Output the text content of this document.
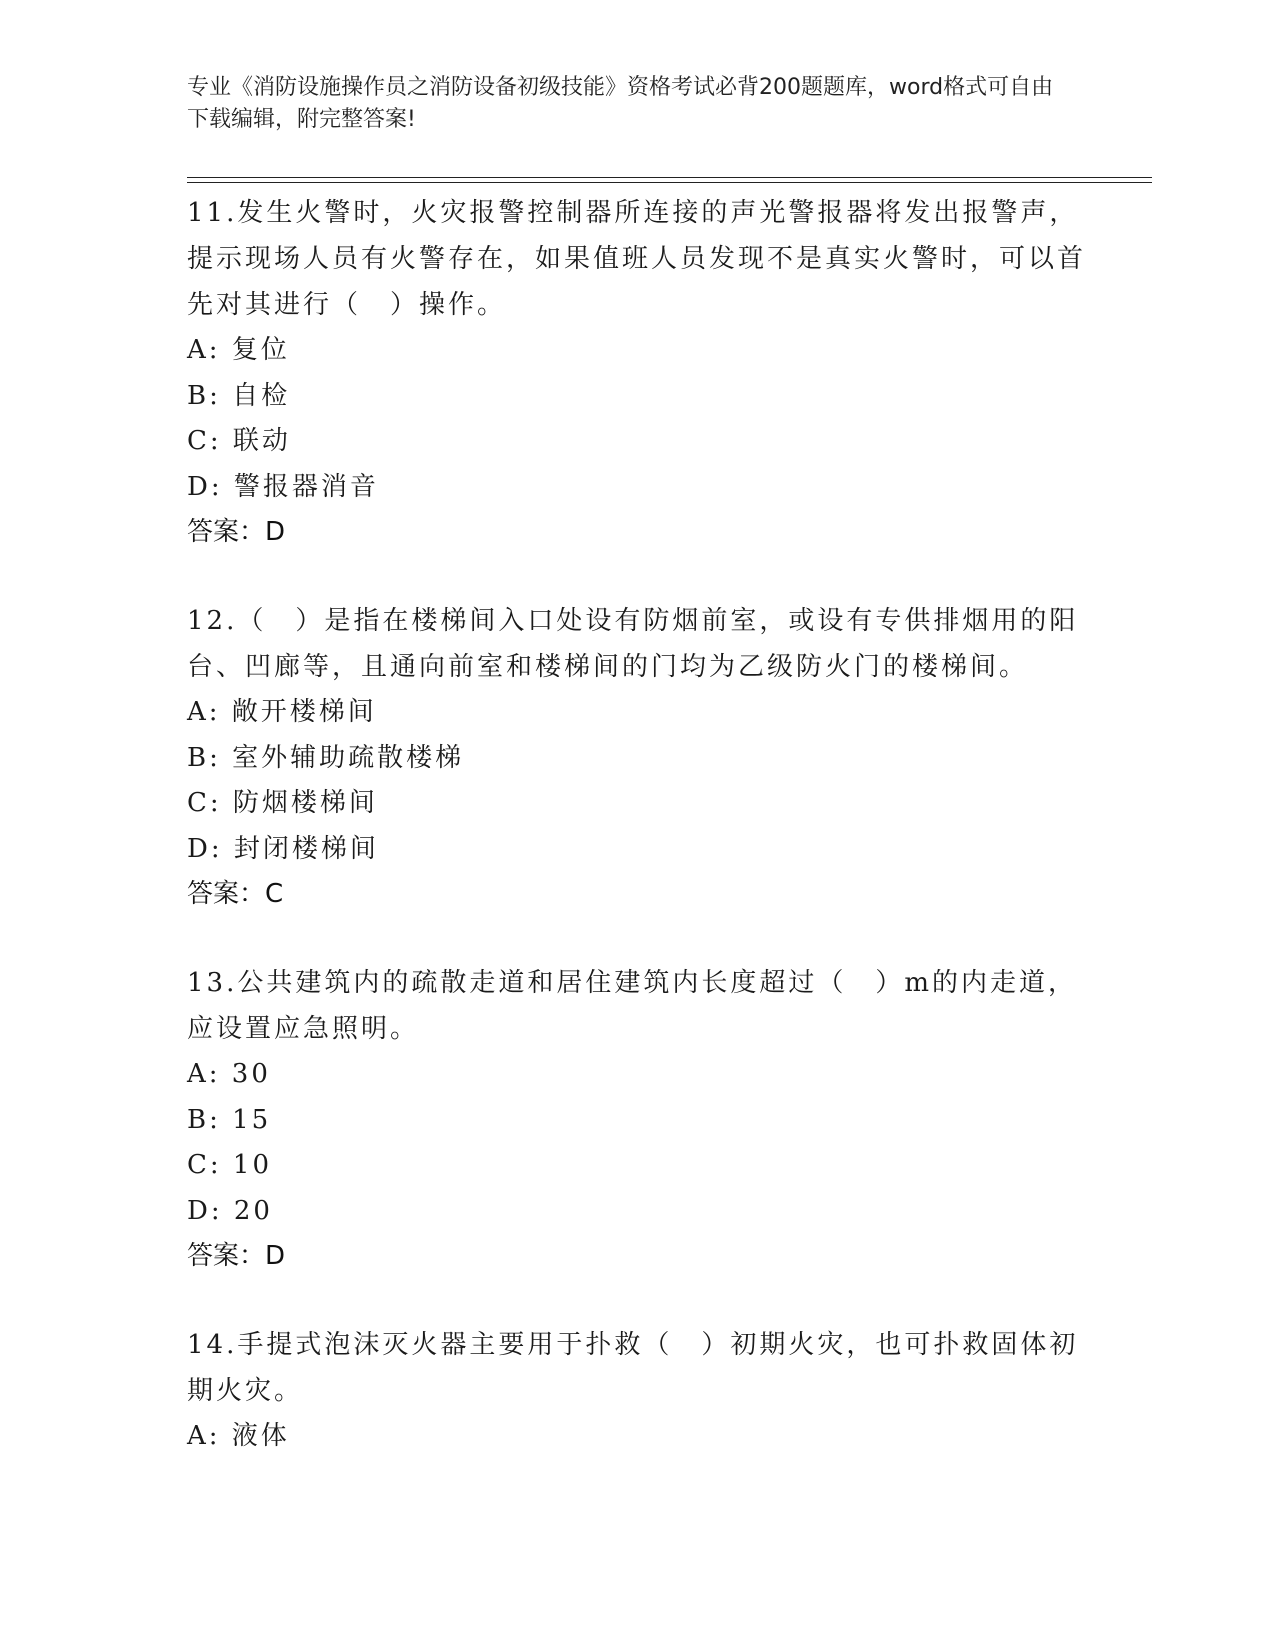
专业《消防设施操作员之消防设备初级技能》资格考试必背200题题库，word格式可自由下载编辑，附完整答案!

11.发生火警时，火灾报警控制器所连接的声光警报器将发出报警声，提示现场人员有火警存在，如果值班人员发现不是真实火警时，可以首先对其进行（　）操作。

A: 复位
B: 自检
C: 联动
D: 警报器消音
答案：D

12.（　）是指在楼梯间入口处设有防烟前室，或设有专供排烟用的阳台、凹廊等，且通向前室和楼梯间的门均为乙级防火门的楼梯间。

A: 敞开楼梯间
B: 室外辅助疏散楼梯
C: 防烟楼梯间
D: 封闭楼梯间
答案：C

13.公共建筑内的疏散走道和居住建筑内长度超过（　）m的内走道，应设置应急照明。

A: 30
B: 15
C: 10
D: 20
答案：D

14.手提式泡沫灭火器主要用于扑救（　）初期火灾，也可扑救固体初期火灾。

A: 液体
